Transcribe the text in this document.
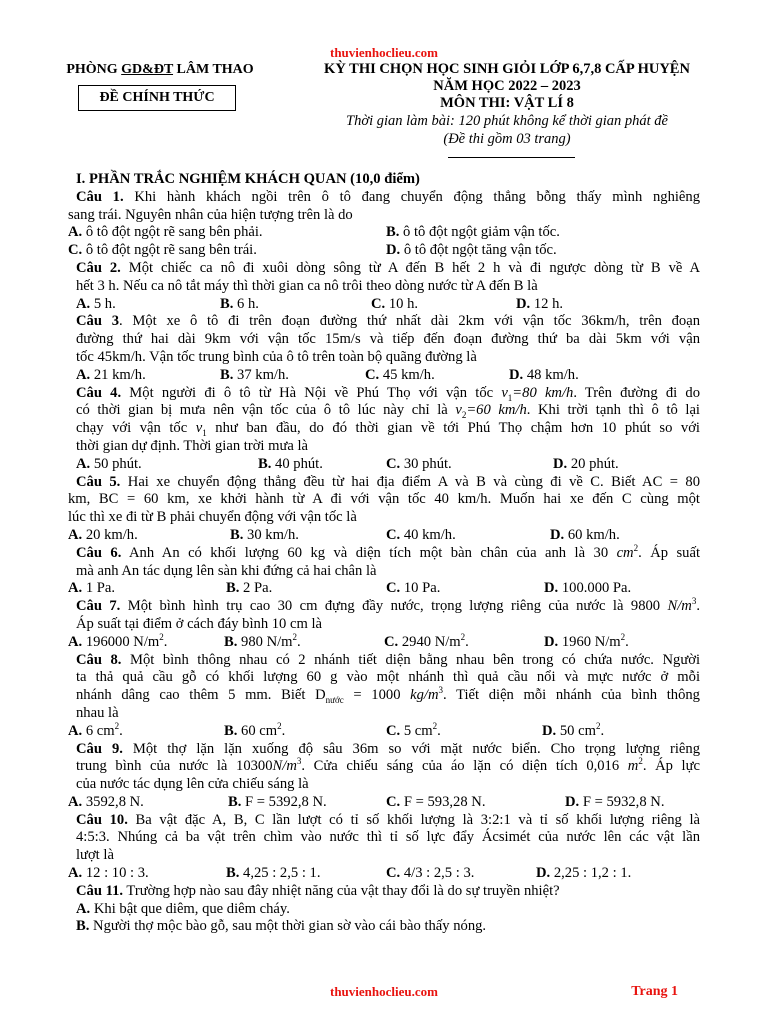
thuvienhoclieu.com
PHÒNG GD&ĐT LÂM THAO
ĐỀ CHÍNH THỨC
KỲ THI CHỌN HỌC SINH GIỎI LỚP 6,7,8 CẤP HUYỆN
NĂM HỌC 2022 – 2023
MÔN THI: VẬT LÍ 8
Thời gian làm bài: 120 phút không kể thời gian phát đề
(Đề thi gồm 03 trang)
I. PHẦN TRẮC NGHIỆM KHÁCH QUAN (10,0 điểm)
Câu 1. Khi hành khách ngồi trên ô tô đang chuyển động thẳng bỗng thấy mình nghiêng
sang trái. Nguyên nhân của hiện tượng trên là do
A. ô tô đột ngột rẽ sang bên phải.	B. ô tô đột ngột giảm vận tốc.
C. ô tô đột ngột rẽ sang bên trái.	D. ô tô đột ngột tăng vận tốc.
Câu 2. Một chiếc ca nô đi xuôi dòng sông từ A đến B hết 2 h và đi ngược dòng từ B về A
hết 3 h. Nếu ca nô tắt máy thì thời gian ca nô trôi theo dòng nước từ A đến B là
A. 5 h.	B. 6 h.	C. 10 h.	D. 12 h.
Câu 3. Một xe ô tô đi trên đoạn đường thứ nhất dài 2km với vận tốc 36km/h, trên đoạn
đường thứ hai dài 9km với vận tốc 15m/s và tiếp đến đoạn đường thứ ba dài 5km với vận
tốc 45km/h. Vận tốc trung bình của ô tô trên toàn bộ quãng đường là
A. 21 km/h.	B. 37 km/h.	C. 45 km/h.	D. 48 km/h.
Câu 4. Một người đi ô tô từ Hà Nội về Phú Thọ với vận tốc $v_1=80$ km/h. Trên đường đi do
có thời gian bị mưa nên vận tốc của ô tô lúc này chỉ là $v_2=60$ km/h. Khi trời tạnh thì ô tô lại
chạy với vận tốc $v_1$ như ban đầu, do đó thời gian về tới Phú Thọ chậm hơn 10 phút so với
thời gian dự định. Thời gian trời mưa là
A. 50 phút.	B. 40 phút.	C. 30 phút.	D. 20 phút.
Câu 5. Hai xe chuyển động thẳng đều từ hai địa điểm A và B và cùng đi về C. Biết AC = 80
km, BC = 60 km, xe khởi hành từ A đi với vận tốc 40 km/h. Muốn hai xe đến C cùng một
lúc thì xe đi từ B phải chuyển động với vận tốc là
A. 20 km/h.	B. 30 km/h.	C. 40 km/h.	D. 60 km/h.
Câu 6. Anh An có khối lượng 60 kg và diện tích một bàn chân của anh là 30 $cm^2$. Áp suất
mà anh An tác dụng lên sàn khi đứng cả hai chân là
A. 1 Pa.	B. 2 Pa.	C. 10 Pa.	D. 100.000 Pa.
Câu 7. Một bình hình trụ cao 30 cm đựng đầy nước, trọng lượng riêng của nước là 9800 $N/m^3$.
Áp suất tại điểm ở cách đáy bình 10 cm là
A. 196000 $N/m^2$.	B. 980 $N/m^2$.	C. 2940 $N/m^2$.	D. 1960 $N/m^2$.
Câu 8. Một bình thông nhau có 2 nhánh tiết diện bằng nhau bên trong có chứa nước. Người
ta thả quả cầu gỗ có khối lượng 60 g vào một nhánh thì quả cầu nổi và mực nước ở mỗi
nhánh dâng cao thêm 5 mm. Biết $D_{nước} = 1000$ $kg/m^3$. Tiết diện mỗi nhánh của bình thông
nhau là
A. 6 $cm^2$.	B. 60 $cm^2$.	C. 5 $cm^2$.	D. 50 $cm^2$.
Câu 9. Một thợ lặn lặn xuống độ sâu 36m so với mặt nước biển. Cho trọng lượng riêng
trung bình của nước là $10300N/m^3$. Cửa chiếu sáng của áo lặn có diện tích 0,016 $m^2$. Áp lực
của nước tác dụng lên cửa chiếu sáng là
A. 3592,8 N.	B. F = 5392,8 N.	C. F = 593,28 N.	D. F = 5932,8 N.
Câu 10. Ba vật đặc A, B, C lần lượt có tỉ số khối lượng là 3:2:1 và tỉ số khối lượng riêng là
4:5:3. Nhúng cả ba vật trên chìm vào nước thì tỉ số lực đẩy Ácsimét của nước lên các vật lần
lượt là
A. 12 : 10 : 3.	B. 4,25 : 2,5 : 1.	C. 4/3 : 2,5 : 3.	D. 2,25 : 1,2 : 1.
Câu 11. Trường hợp nào sau đây nhiệt năng của vật thay đổi là do sự truyền nhiệt?
A. Khi bật que diêm, que diêm cháy.
B. Người thợ mộc bào gỗ, sau một thời gian sờ vào cái bào thấy nóng.
thuvienhoclieu.com	Trang 1
